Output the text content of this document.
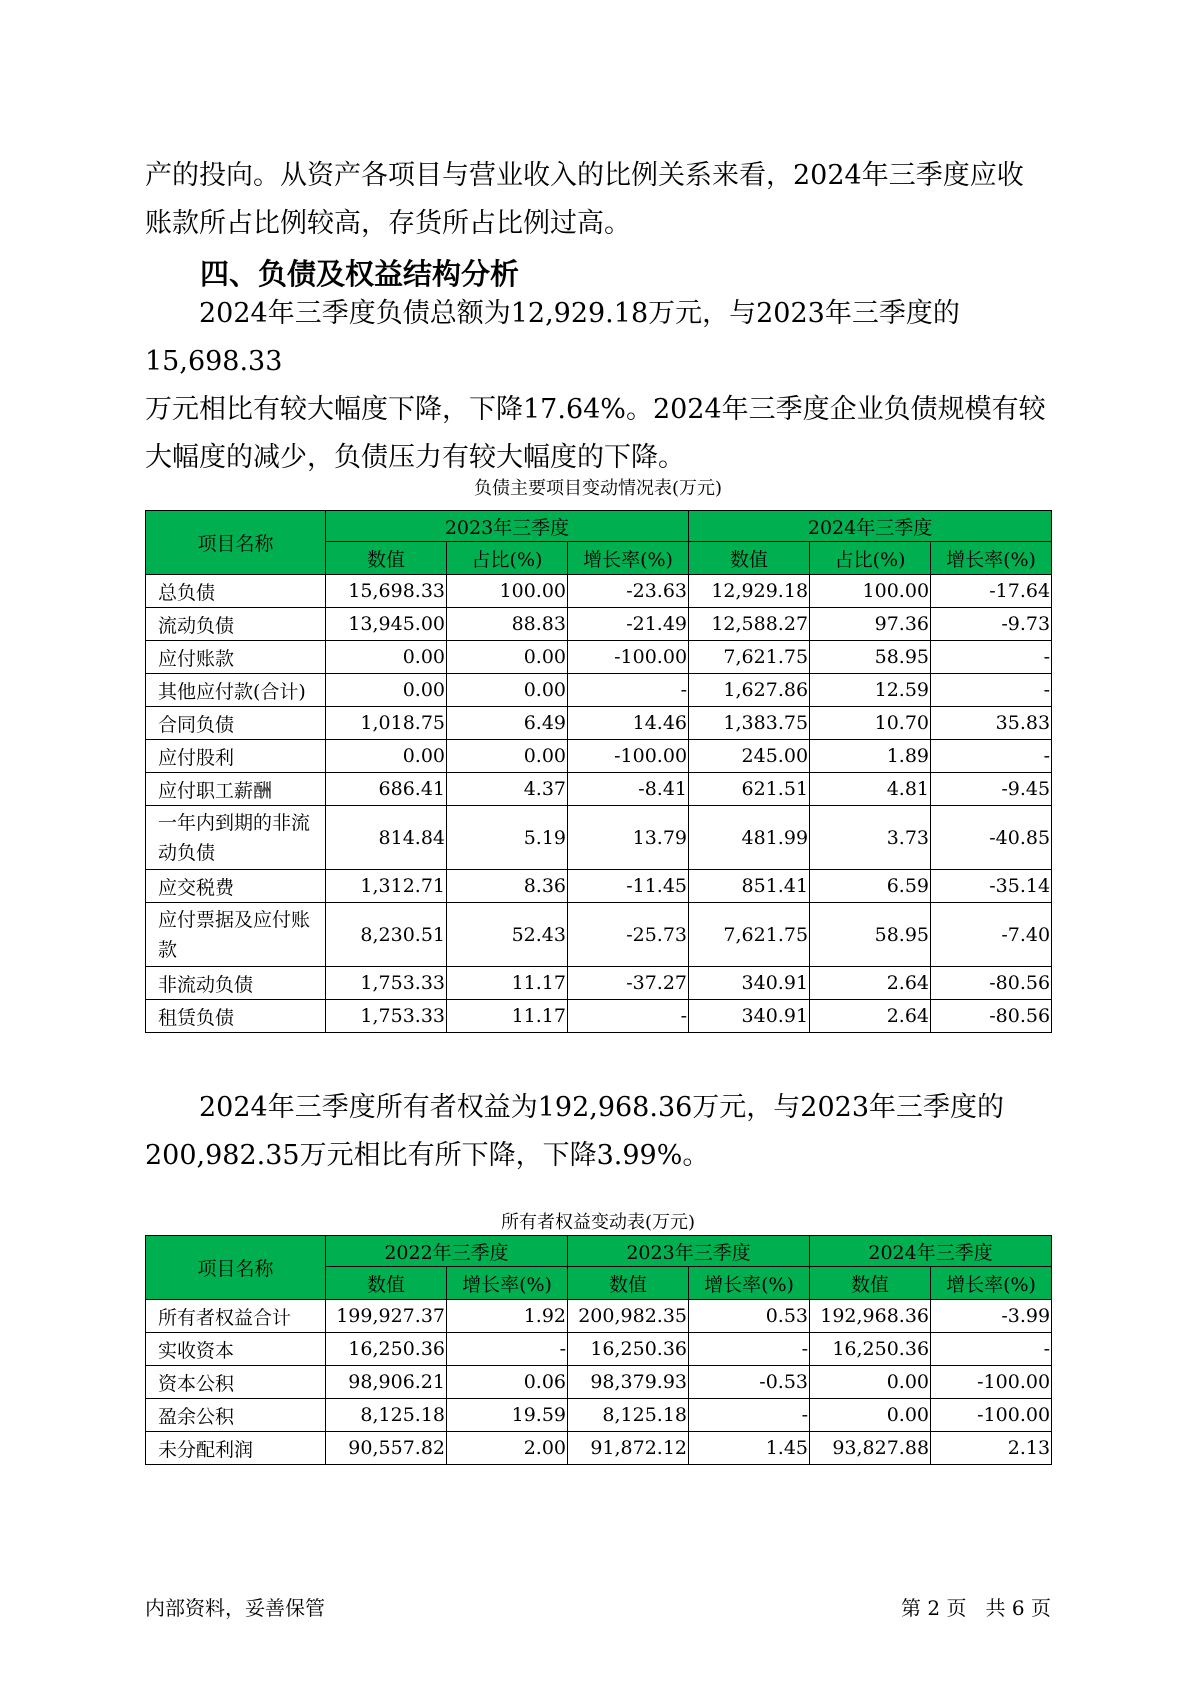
产的投向。从资产各项目与营业收入的比例关系来看，2024年三季度应收
账款所占比例较高，存货所占比例过高。
四、负债及权益结构分析
2024年三季度负债总额为12,929.18万元，与2023年三季度的15,698.33
万元相比有较大幅度下降，下降17.64%。2024年三季度企业负债规模有较
大幅度的减少，负债压力有较大幅度的下降。
负债主要项目变动情况表(万元)
项目名称	2023年三季度			2024年三季度		
	数值	占比(%)	增长率(%)	数值	占比(%)	增长率(%)
总负债	15,698.33	100.00	-23.63	12,929.18	100.00	-17.64
流动负债	13,945.00	88.83	-21.49	12,588.27	97.36	-9.73
应付账款	0.00	0.00	-100.00	7,621.75	58.95	-
其他应付款(合计)	0.00	0.00	-	1,627.86	12.59	-
合同负债	1,018.75	6.49	14.46	1,383.75	10.70	35.83
应付股利	0.00	0.00	-100.00	245.00	1.89	-
应付职工薪酬	686.41	4.37	-8.41	621.51	4.81	-9.45
一年内到期的非流动负债	814.84	5.19	13.79	481.99	3.73	-40.85
应交税费	1,312.71	8.36	-11.45	851.41	6.59	-35.14
应付票据及应付账款	8,230.51	52.43	-25.73	7,621.75	58.95	-7.40
非流动负债	1,753.33	11.17	-37.27	340.91	2.64	-80.56
租赁负债	1,753.33	11.17	-	340.91	2.64	-80.56
2024年三季度所有者权益为192,968.36万元，与2023年三季度的
200,982.35万元相比有所下降，下降3.99%。
所有者权益变动表(万元)
项目名称	2022年三季度		2023年三季度		2024年三季度	
	数值	增长率(%)	数值	增长率(%)	数值	增长率(%)
所有者权益合计	199,927.37	1.92	200,982.35	0.53	192,968.36	-3.99
实收资本	16,250.36	-	16,250.36	-	16,250.36	-
资本公积	98,906.21	0.06	98,379.93	-0.53	0.00	-100.00
盈余公积	8,125.18	19.59	8,125.18	-	0.00	-100.00
未分配利润	90,557.82	2.00	91,872.12	1.45	93,827.88	2.13
内部资料，妥善保管	第 2 页   共 6 页
